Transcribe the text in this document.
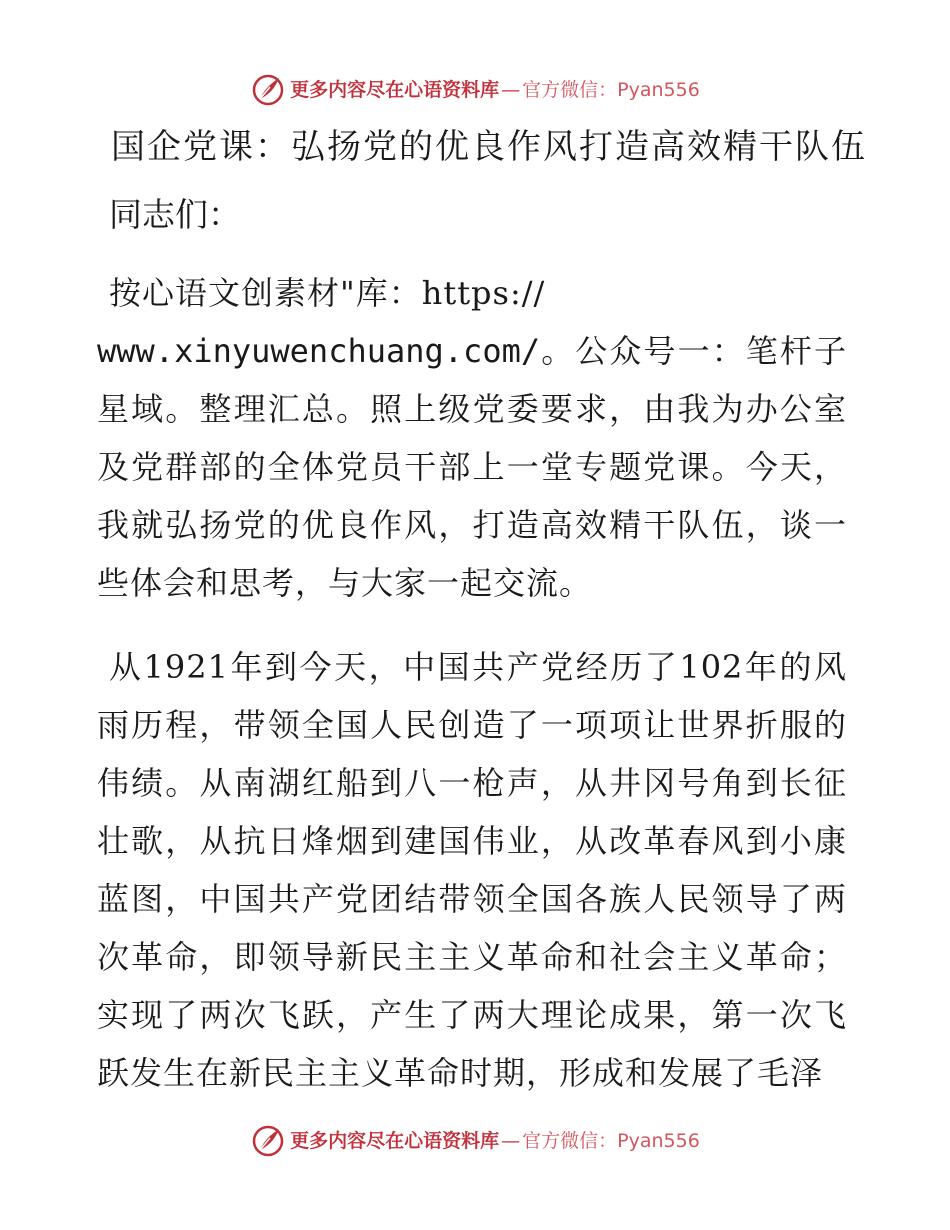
更多内容尽在心语资料库 — 官方微信：Pyan556
国企党课：弘扬党的优良作风打造高效精干队伍

同志们：

按心语文创素材"库：https://
www.xinyuwenchuang.com/。公众号一：笔杆子星域。整理汇总。照上级党委要求，由我为办公室及党群部的全体党员干部上一堂专题党课。今天，我就弘扬党的优良作风，打造高效精干队伍，谈一些体会和思考，与大家一起交流。

从1921年到今天，中国共产党经历了102年的风雨历程，带领全国人民创造了一项项让世界折服的伟绩。从南湖红船到八一枪声，从井冈号角到长征壮歌，从抗日烽烟到建国伟业，从改革春风到小康蓝图，中国共产党团结带领全国各族人民领导了两次革命，即领导新民主主义革命和社会主义革命；实现了两次飞跃，产生了两大理论成果，第一次飞跃发生在新民主主义革命时期，形成和发展了毛泽

更多内容尽在心语资料库 — 官方微信：Pyan556
